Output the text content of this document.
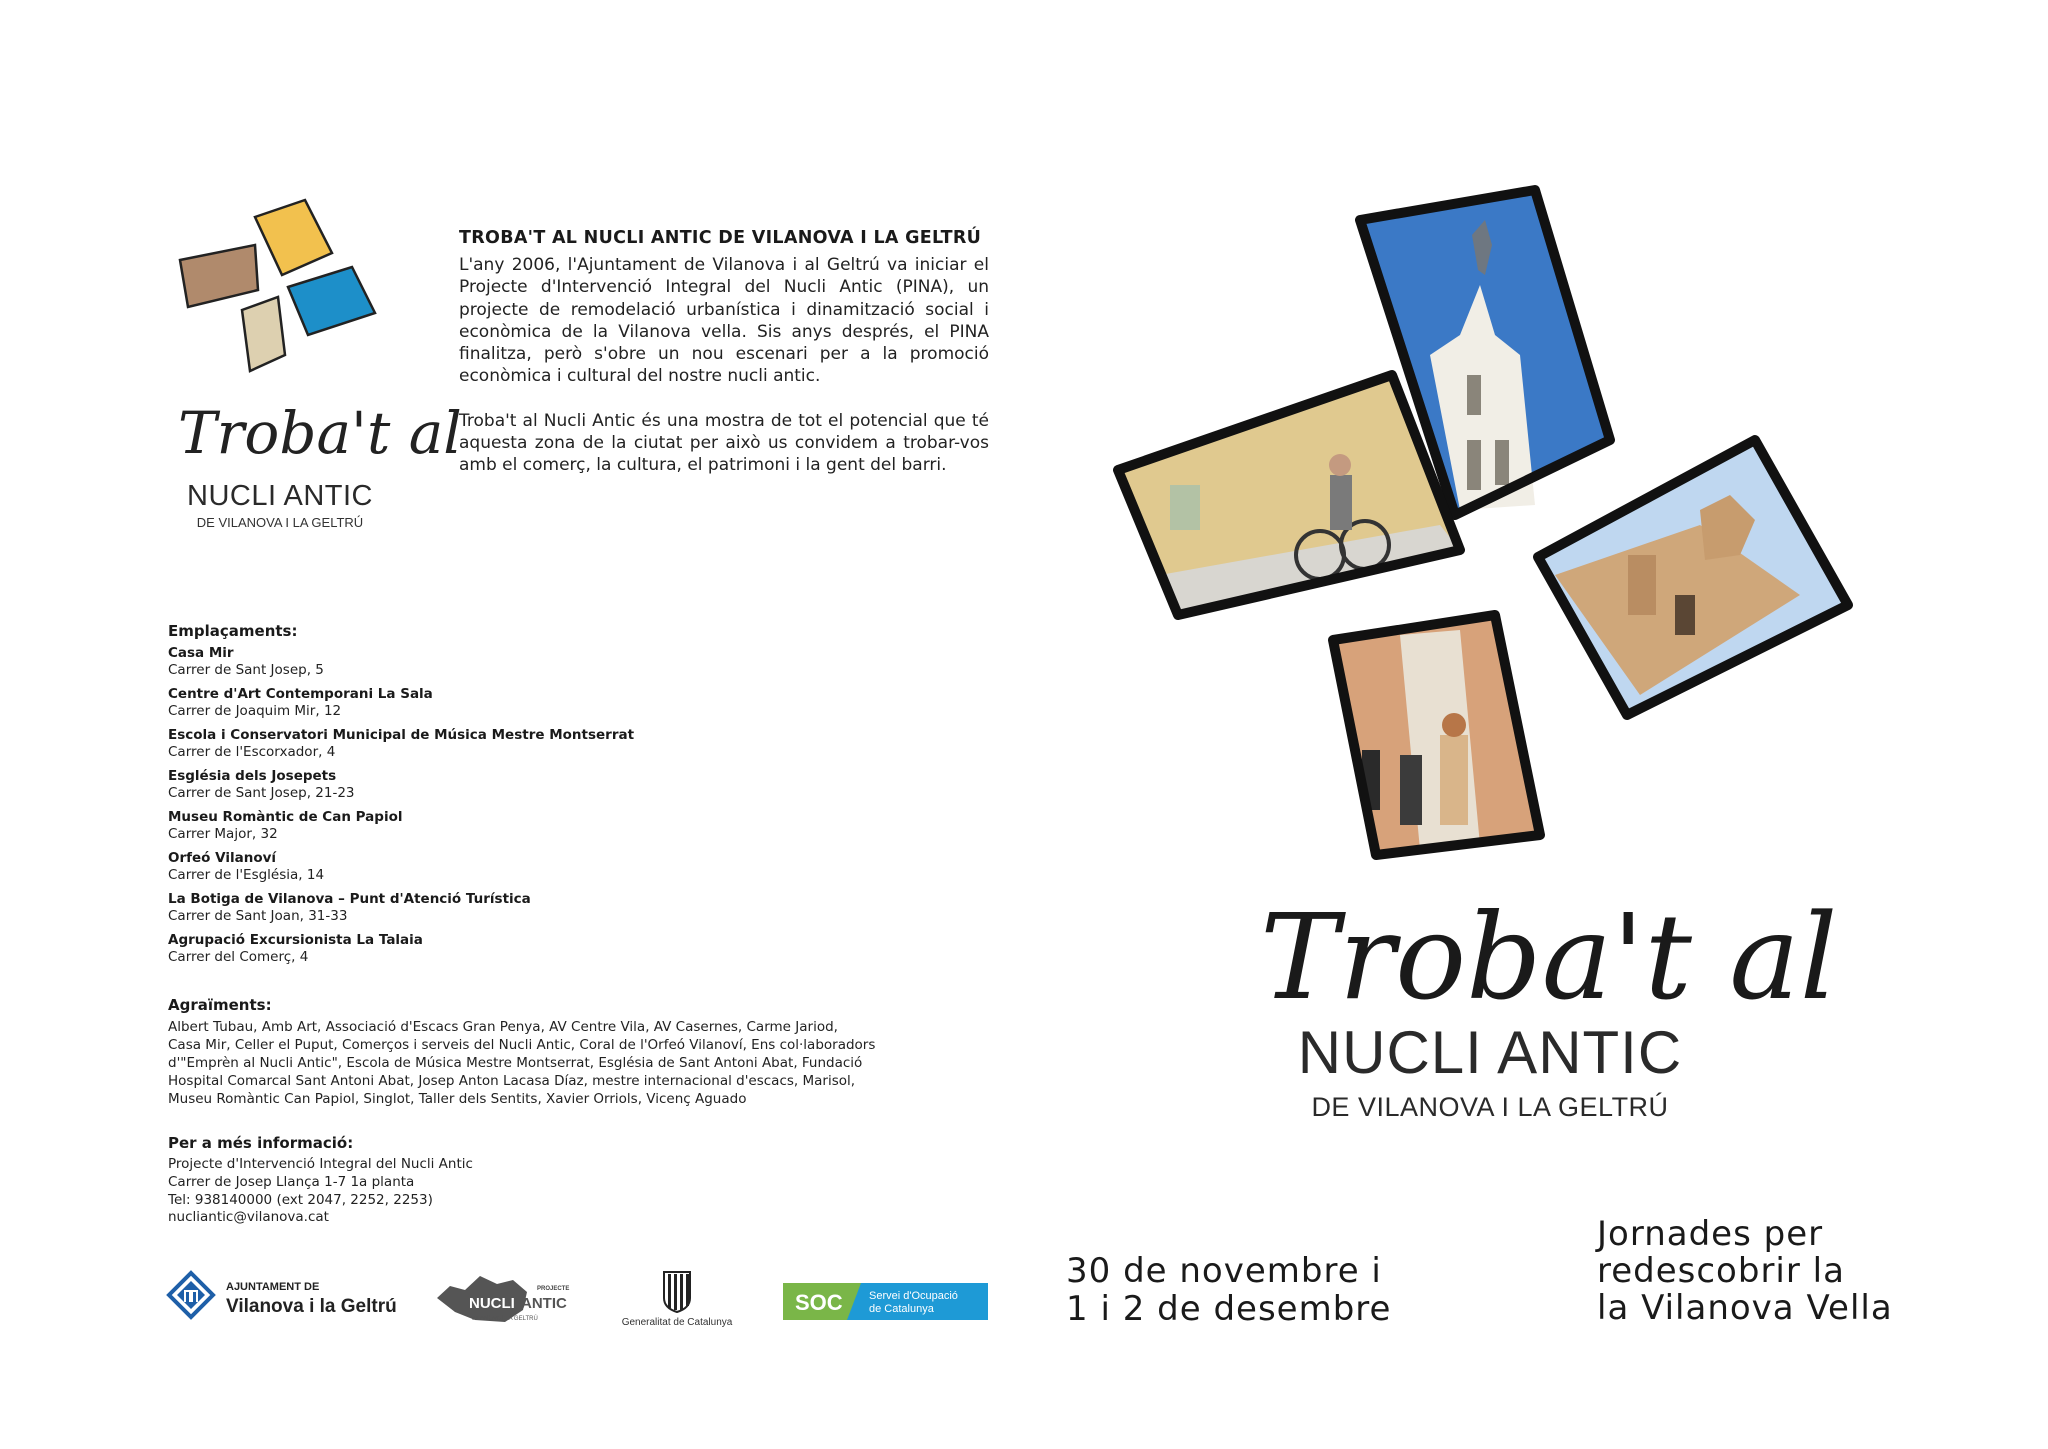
Troba't al
NUCLI ANTIC
DE VILANOVA I LA GELTRÚ
TROBA'T AL NUCLI ANTIC DE VILANOVA I LA GELTRÚ

L'any 2006, l'Ajuntament de Vilanova i al Geltrú va iniciar el Projecte d'Intervenció Integral del Nucli Antic (PINA), un projecte de remodelació urbanística i dinamització social i econòmica de la Vilanova vella. Sis anys després, el PINA finalitza, però s'obre un nou escenari per a la promoció econòmica i cultural del nostre nucli antic.

Troba't al Nucli Antic és una mostra de tot el potencial que té aquesta zona de la ciutat per això us convidem a trobar-vos amb el comerç, la cultura, el patrimoni i la gent del barri.

Emplaçaments:
Casa Mir
Carrer de Sant Josep, 5
Centre d'Art Contemporani La Sala
Carrer de Joaquim Mir, 12
Escola i Conservatori Municipal de Música Mestre Montserrat
Carrer de l'Escorxador, 4
Església dels Josepets
Carrer de Sant Josep, 21-23
Museu Romàntic de Can Papiol
Carrer Major, 32
Orfeó Vilanoví
Carrer de l'Església, 14
La Botiga de Vilanova – Punt d'Atenció Turística
Carrer de Sant Joan, 31-33
Agrupació Excursionista La Talaia
Carrer del Comerç, 4
Agraïments:
Albert Tubau, Amb Art, Associació d'Escacs Gran Penya, AV Centre Vila, AV Casernes, Carme Jariod,
Casa Mir, Celler el Puput, Comerços i serveis del Nucli Antic, Coral de l'Orfeó Vilanoví, Ens col·laboradors
d'"Emprèn al Nucli Antic", Escola de Música Mestre Montserrat, Església de Sant Antoni Abat, Fundació
Hospital Comarcal Sant Antoni Abat, Josep Anton Lacasa Díaz, mestre internacional d'escacs, Marisol,
Museu Romàntic Can Papiol, Singlot, Taller dels Sentits, Xavier Orriols, Vicenç Aguado
Per a més informació:
Projecte d'Intervenció Integral del Nucli Antic
Carrer de Josep Llança 1-7 1a planta
Tel: 938140000 (ext 2047, 2252, 2253)
nucliantic@vilanova.cat
AJUNTAMENT DE
Vilanova i la Geltrú
PROJECTE
NUCLI ANTIC
VILANOVA I LA GELTRÚ	Generalitat de Catalunya
SOC Servei d'Ocupació
de Catalunya
Troba't al
NUCLI ANTIC
DE VILANOVA I LA GELTRÚ
30 de novembre i
1 i 2 de desembre
Jornades per
redescobrir la
la Vilanova Vella
